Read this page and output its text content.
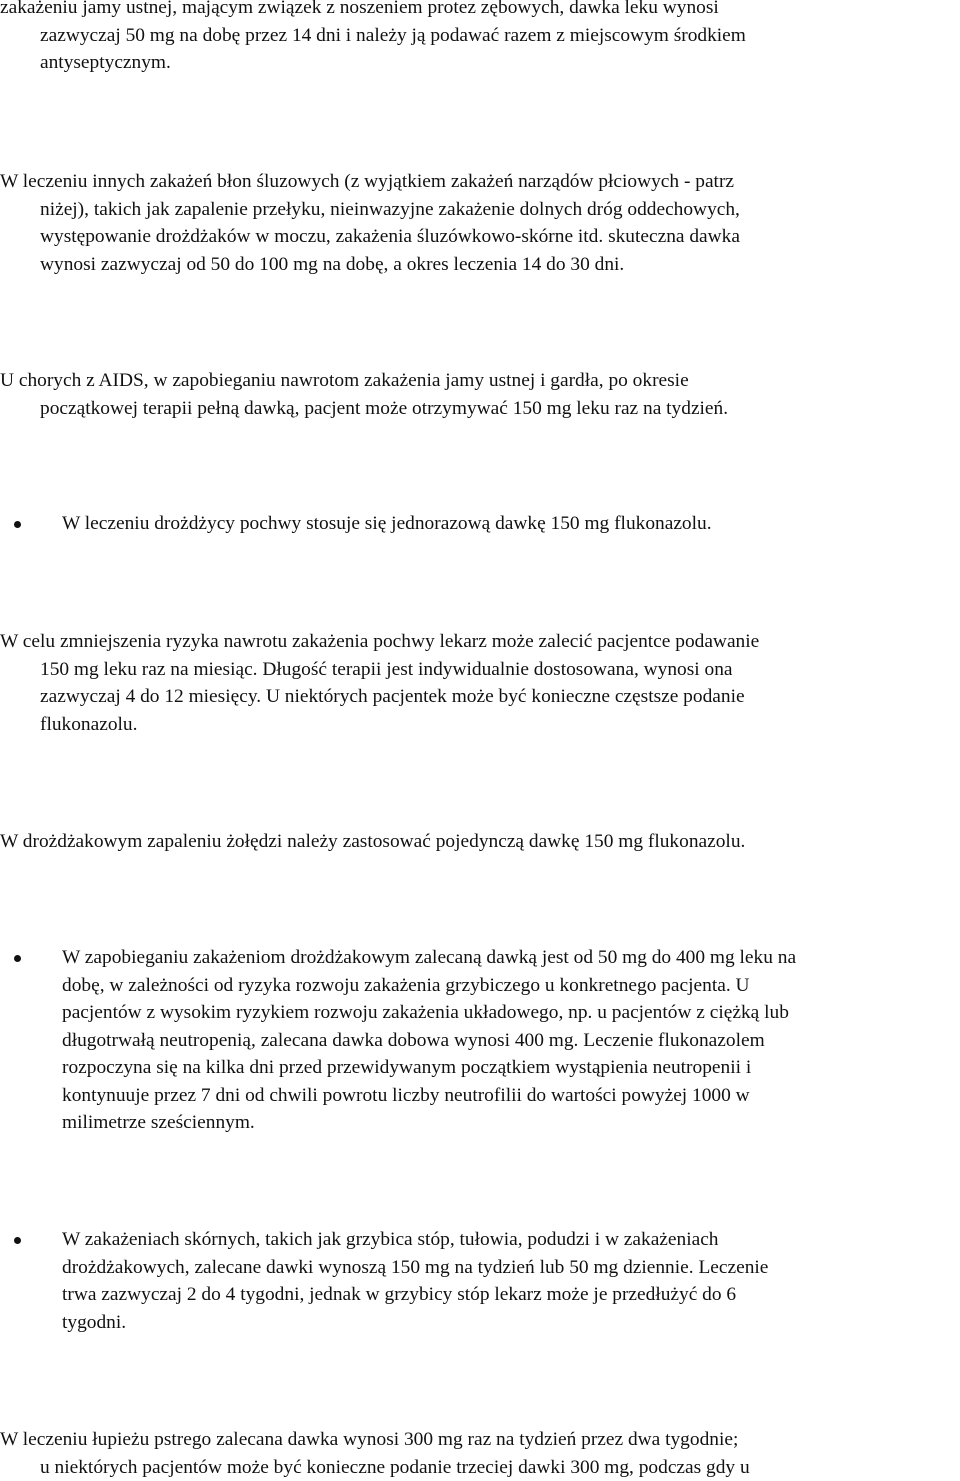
zakażeniu jamy ustnej, mającym związek z noszeniem protez zębowych, dawka leku wynosi
zazwyczaj 50 mg na dobę przez 14 dni i należy ją podawać razem z miejscowym środkiem
antyseptycznym.
W leczeniu innych zakażeń błon śluzowych (z wyjątkiem zakażeń narządów płciowych - patrz
niżej), takich jak zapalenie przełyku, nieinwazyjne zakażenie dolnych dróg oddechowych,
występowanie drożdżaków w moczu, zakażenia śluzówkowo-skórne itd. skuteczna dawka
wynosi zazwyczaj od 50 do 100 mg na dobę, a okres leczenia 14 do 30 dni.
U chorych z AIDS, w zapobieganiu nawrotom zakażenia jamy ustnej i gardła, po okresie
początkowej terapii pełną dawką, pacjent może otrzymywać 150 mg leku raz na tydzień.
W leczeniu drożdżycy pochwy stosuje się jednorazową dawkę 150 mg flukonazolu.
W celu zmniejszenia ryzyka nawrotu zakażenia pochwy lekarz może zalecić pacjentce podawanie
150 mg leku raz na miesiąc. Długość terapii jest indywidualnie dostosowana, wynosi ona
zazwyczaj 4 do 12 miesięcy. U niektórych pacjentek może być konieczne częstsze podanie
flukonazolu.
W drożdżakowym zapaleniu żołędzi należy zastosować pojedynczą dawkę 150 mg flukonazolu.
W zapobieganiu zakażeniom drożdżakowym zalecaną dawką jest od 50 mg do 400 mg leku na
dobę, w zależności od ryzyka rozwoju zakażenia grzybiczego u konkretnego pacjenta. U
pacjentów z wysokim ryzykiem rozwoju zakażenia układowego, np. u pacjentów z ciężką lub
długotrwałą neutropenią, zalecana dawka dobowa wynosi 400 mg. Leczenie flukonazolem
rozpoczyna się na kilka dni przed przewidywanym początkiem wystąpienia neutropenii i
kontynuuje przez 7 dni od chwili powrotu liczby neutrofilii do wartości powyżej 1000 w
milimetrze sześciennym.
W zakażeniach skórnych, takich jak grzybica stóp, tułowia, podudzi i w zakażeniach
drożdżakowych, zalecane dawki wynoszą 150 mg na tydzień lub 50 mg dziennie. Leczenie
trwa zazwyczaj 2 do 4 tygodni, jednak w grzybicy stóp lekarz może je przedłużyć do 6
tygodni.
W leczeniu łupieżu pstrego zalecana dawka wynosi 300 mg raz na tydzień przez dwa tygodnie;
u niektórych pacjentów może być konieczne podanie trzeciej dawki 300 mg, podczas gdy u
